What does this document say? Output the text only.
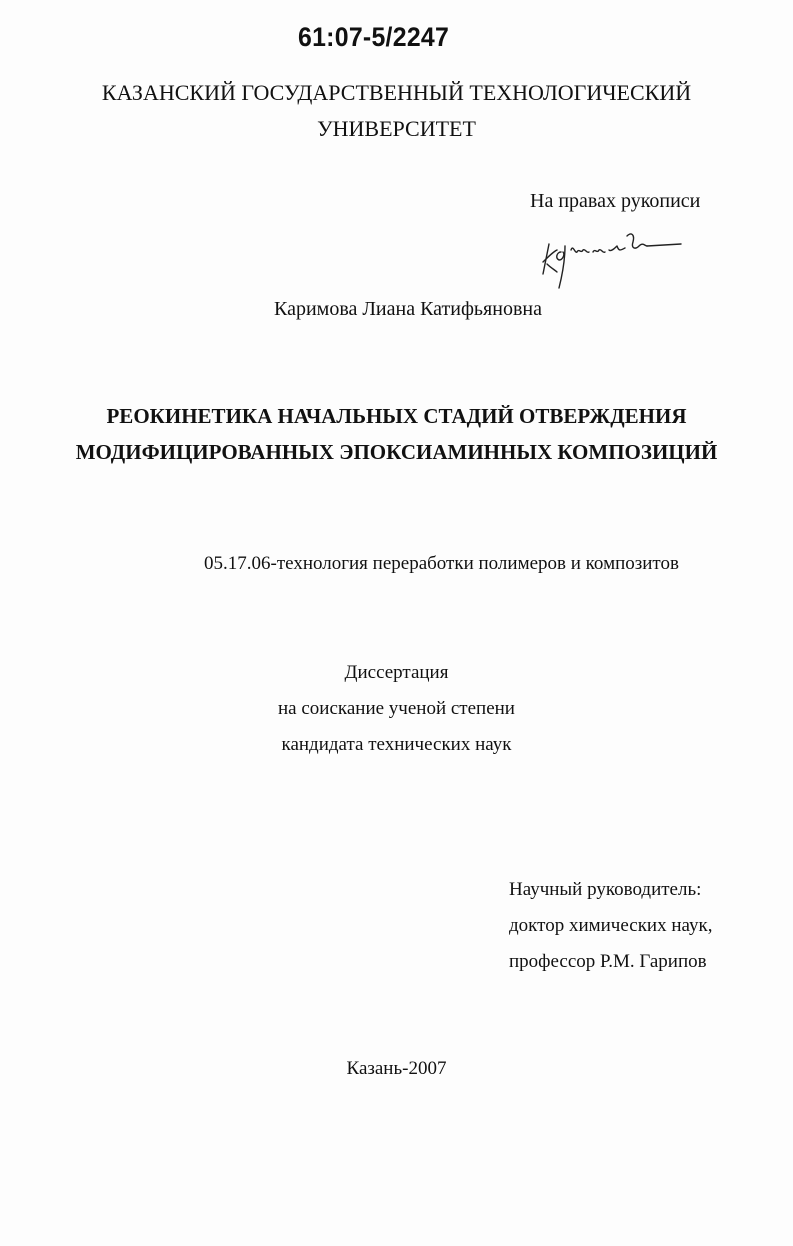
61:07-5/2247
КАЗАНСКИЙ ГОСУДАРСТВЕННЫЙ ТЕХНОЛОГИЧЕСКИЙ
УНИВЕРСИТЕТ
На правах рукописи
Каримова Лиана Катифьяновна
РЕОКИНЕТИКА НАЧАЛЬНЫХ СТАДИЙ ОТВЕРЖДЕНИЯ
МОДИФИЦИРОВАННЫХ ЭПОКСИАМИННЫХ КОМПОЗИЦИЙ
05.17.06-технология переработки полимеров и композитов
Диссертация
на соискание ученой степени
кандидата технических наук
Научный руководитель:
доктор химических наук,
профессор Р.М. Гарипов
Казань-2007
